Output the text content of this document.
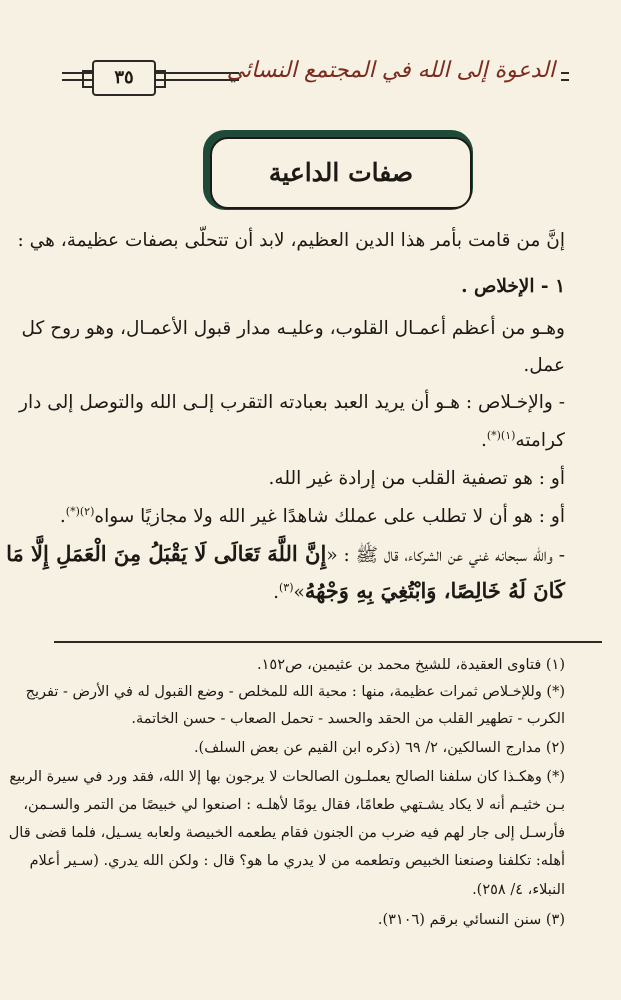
الدعوة إلى الله في المجتمع النسائي
٣٥
صفات الداعية
إنَّ من قامت بأمر هذا الدين العظيم، لابد أن تتحلّى بصفات عظيمة، هي :
١ - الإخلاص .
وهـو من أعظم أعمـال القلوب، وعليـه مدار قبول الأعمـال، وهو روح كل
عمل.
- والإخـلاص : هـو أن يريد العبد بعبادته التقرب إلـى الله والتوصل إلى دار
كرامته$^{(١)(*)}$.
أو : هو تصفية القلب من إرادة غير الله.
أو : هو أن لا تطلب على عملك شاهدًا غير الله ولا مجازيًا سواه$^{(٢)(*)}$.
- والله سبحانه غني عن الشركاء، قال ﷺ : «إِنَّ اللَّهَ تَعَالَى لَا يَقْبَلُ مِنَ الْعَمَلِ إِلَّا مَا
كَانَ لَهُ خَالِصًا، وَابْتُغِيَ بِهِ وَجْهُهُ»$^{(٣)}$.
(١) فتاوى العقيدة، للشيخ محمد بن عثيمين، ص١٥٢.
(*) وللإخـلاص ثمرات عظيمة، منها : محبة الله للمخلص - وضع القبول له في الأرض - تفريج
الكرب - تطهير القلب من الحقد والحسد - تحمل الصعاب - حسن الخاتمة.
(٢) مدارج السالكين، ٢/ ٦٩ (ذكره ابن القيم عن بعض السلف).
(*) وهكـذا كان سلفنا الصالح يعملـون الصالحات لا يرجون بها إلا الله، فقد ورد في سيرة الربيع
بـن خثيـم أنه لا يكاد يشـتهي طعامًا، فقال يومًا لأهلـه : اصنعوا لي خبيصًا من التمر والسـمن،
فأرسـل إلى جار لهم فيه ضرب من الجنون فقام يطعمه الخبيصة ولعابه يسـيل، فلما قضى قال
أهله: تكلفنا وصنعنا الخبيص وتطعمه من لا يدري ما هو؟ قال : ولكن الله يدري. (سـير أعلام
النبلاء، ٤/ ٢٥٨).
(٣) سنن النسائي برقم (٣١٠٦).
